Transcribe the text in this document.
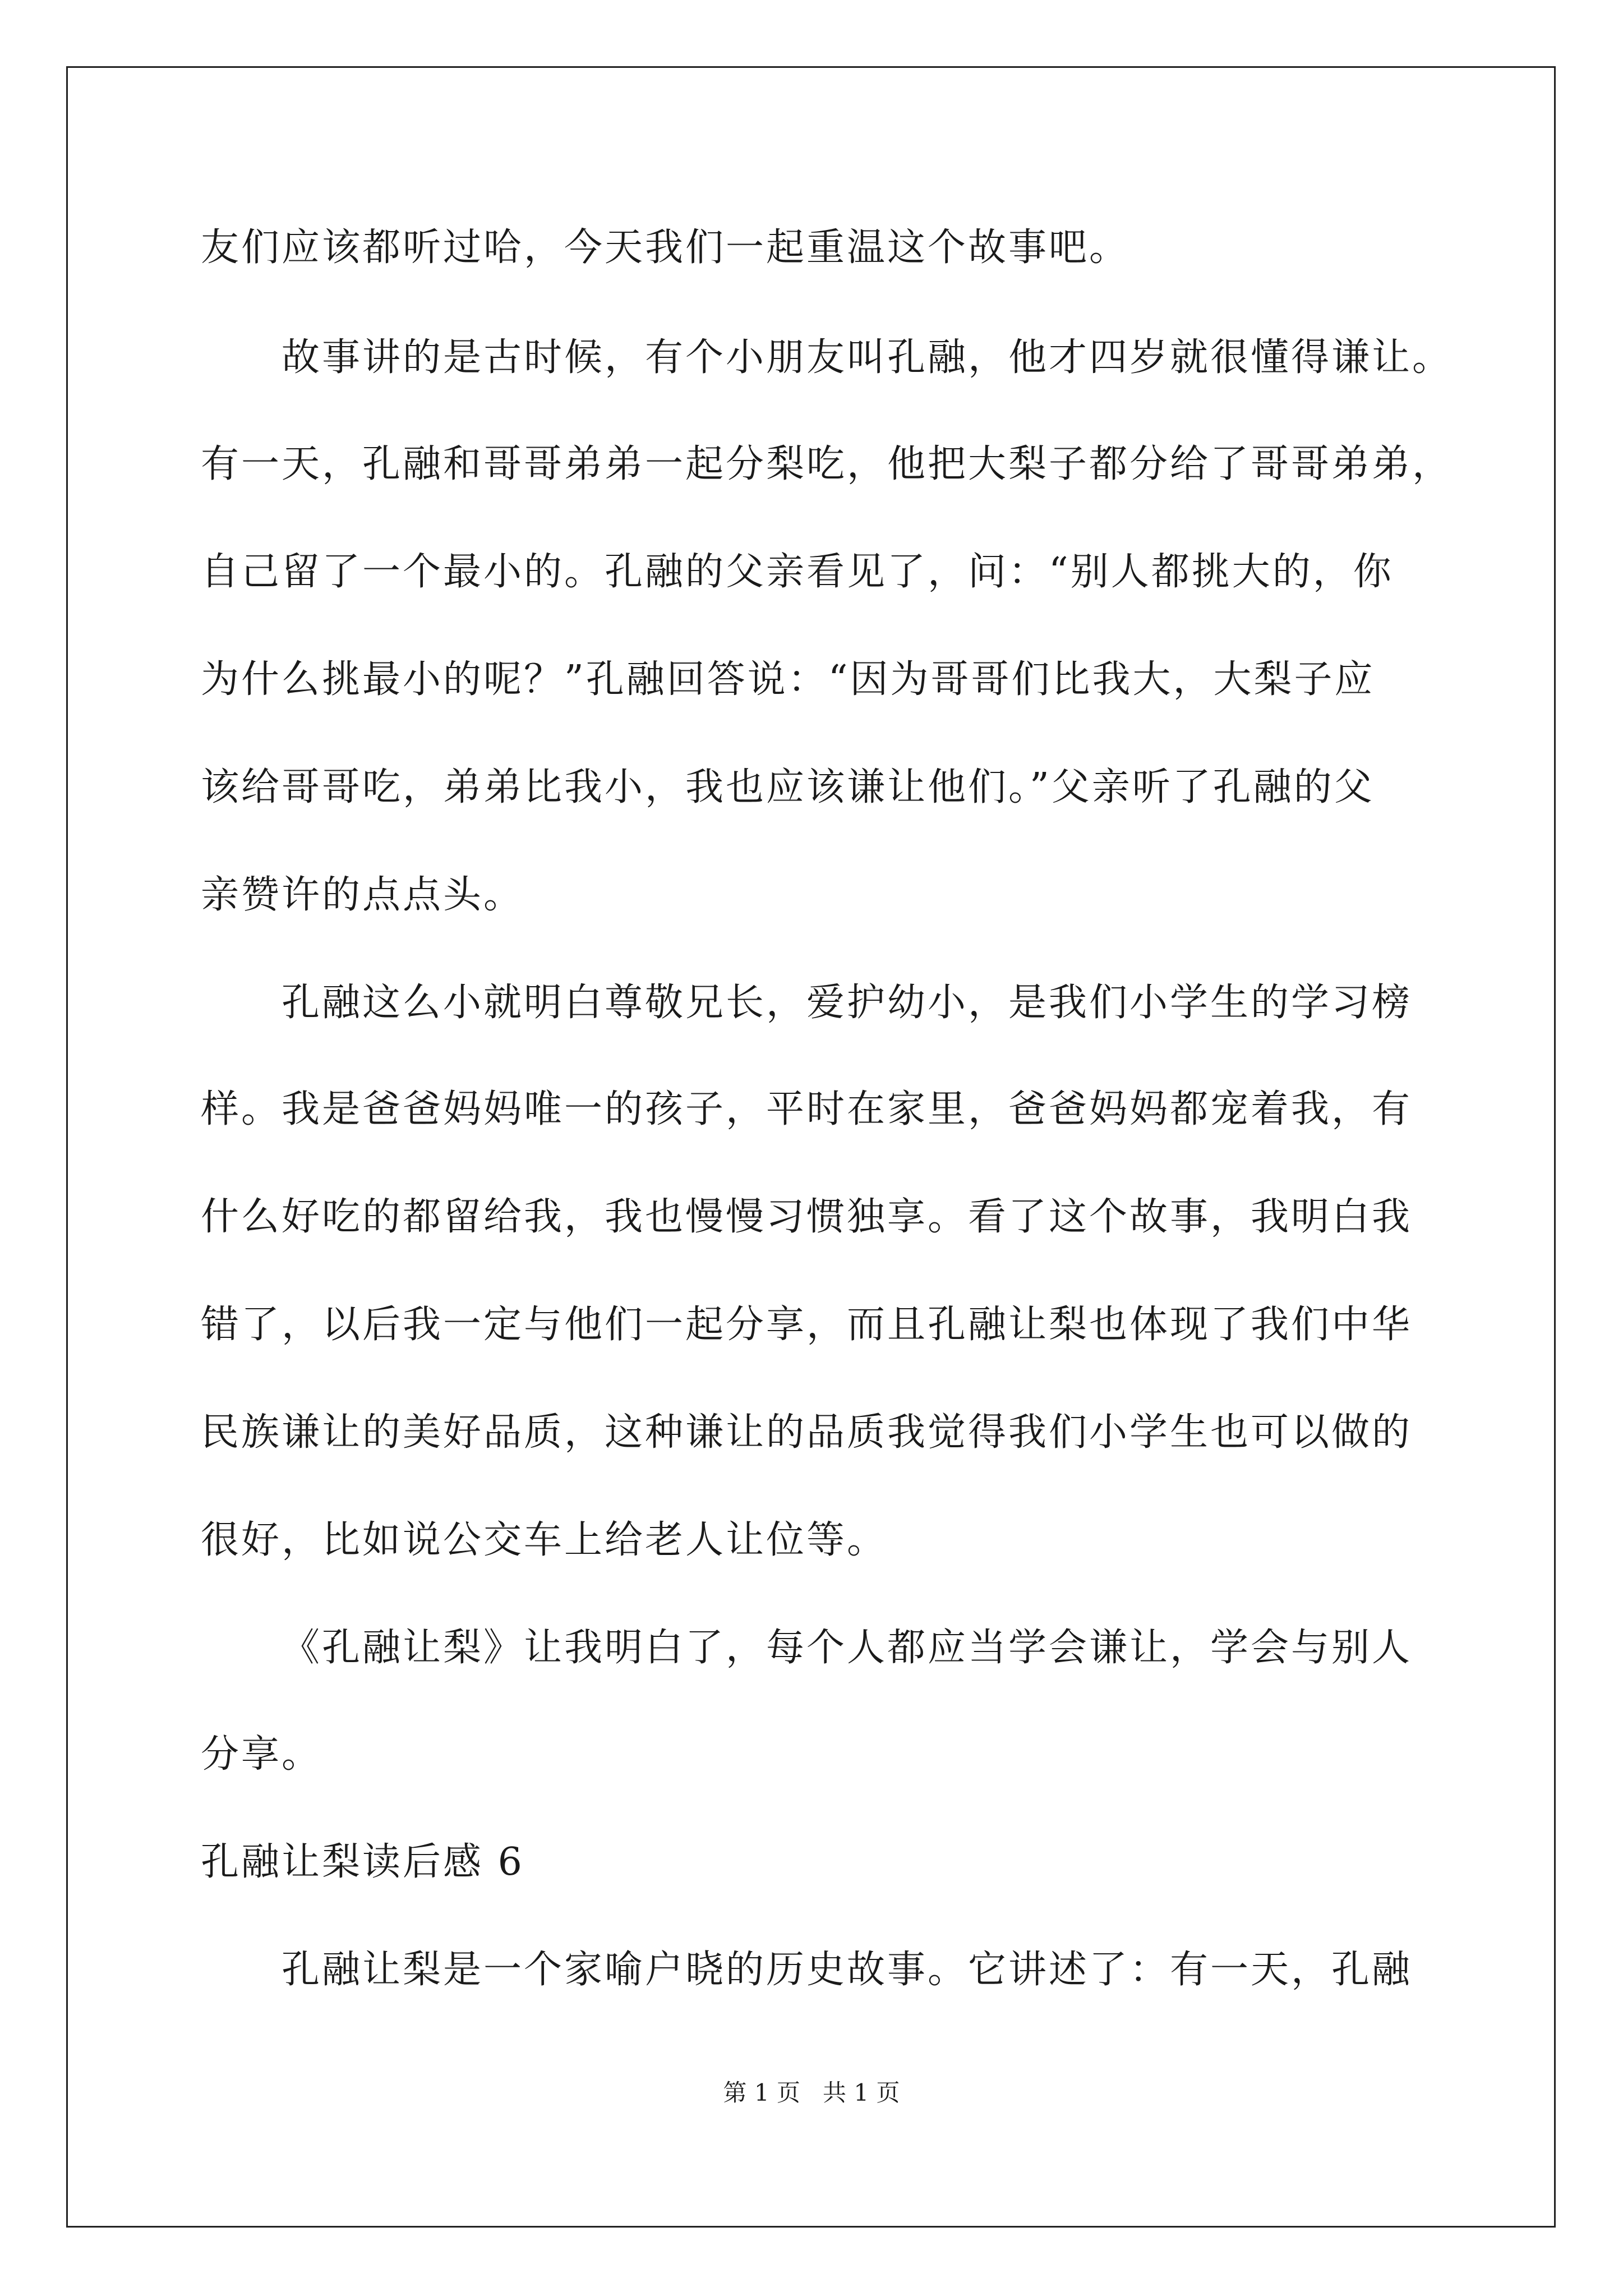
友们应该都听过哈，今天我们一起重温这个故事吧。
故事讲的是古时候，有个小朋友叫孔融，他才四岁就很懂得谦让。
有一天，孔融和哥哥弟弟一起分梨吃，他把大梨子都分给了哥哥弟弟，
自己留了一个最小的。孔融的父亲看见了，问：“别人都挑大的，你
为什么挑最小的呢？”孔融回答说：“因为哥哥们比我大，大梨子应
该给哥哥吃，弟弟比我小，我也应该谦让他们。”父亲听了孔融的父
亲赞许的点点头。
孔融这么小就明白尊敬兄长，爱护幼小，是我们小学生的学习榜
样。我是爸爸妈妈唯一的孩子，平时在家里，爸爸妈妈都宠着我，有
什么好吃的都留给我，我也慢慢习惯独享。看了这个故事，我明白我
错了，以后我一定与他们一起分享，而且孔融让梨也体现了我们中华
民族谦让的美好品质，这种谦让的品质我觉得我们小学生也可以做的
很好，比如说公交车上给老人让位等。
《孔融让梨》让我明白了，每个人都应当学会谦让，学会与别人
分享。
孔融让梨读后感 6
孔融让梨是一个家喻户晓的历史故事。它讲述了：有一天，孔融
第 1 页   共 1 页
